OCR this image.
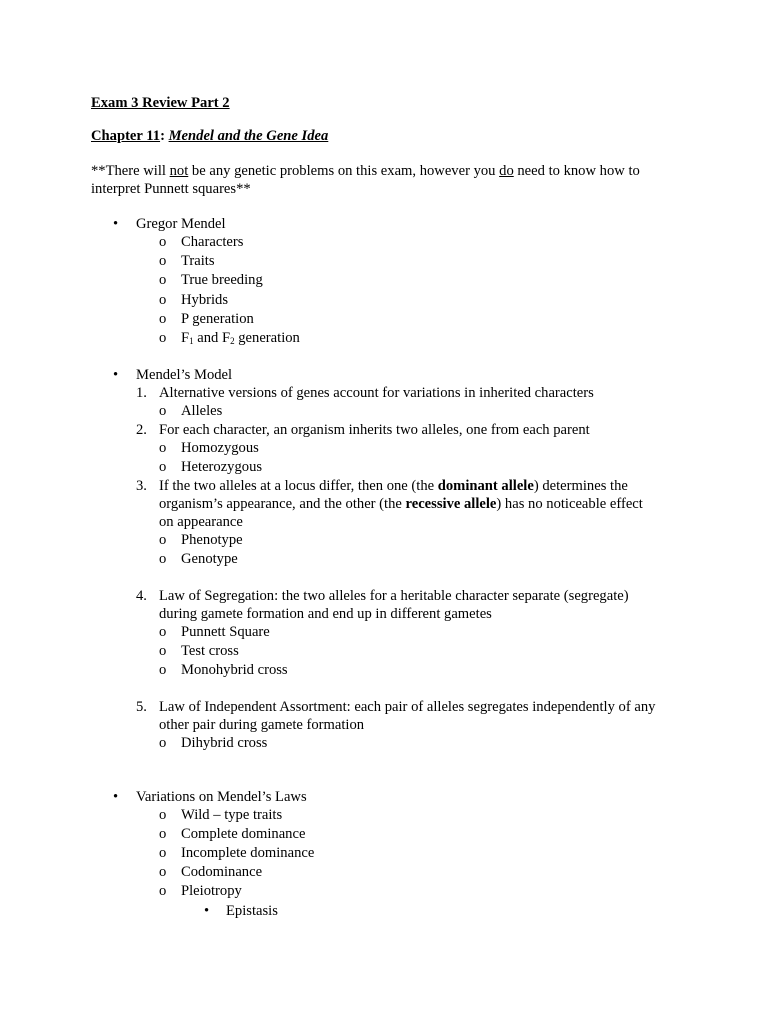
Exam 3 Review Part 2
Chapter 11: Mendel and the Gene Idea
**There will not be any genetic problems on this exam, however you do need to know how to
interpret Punnett squares**
• Gregor Mendel
o Characters
o Traits
o True breeding
o Hybrids
o P generation
o $F_1$ and $F_2$ generation
• Mendel’s Model
1. Alternative versions of genes account for variations in inherited characters
o Alleles
2. For each character, an organism inherits two alleles, one from each parent
o Homozygous
o Heterozygous
3. If the two alleles at a locus differ, then one (the dominant allele) determines the
organism’s appearance, and the other (the recessive allele) has no noticeable effect
on appearance
o Phenotype
o Genotype
4. Law of Segregation: the two alleles for a heritable character separate (segregate)
during gamete formation and end up in different gametes
o Punnett Square
o Test cross
o Monohybrid cross
5. Law of Independent Assortment: each pair of alleles segregates independently of any
other pair during gamete formation
o Dihybrid cross
• Variations on Mendel’s Laws
o Wild – type traits
o Complete dominance
o Incomplete dominance
o Codominance
o Pleiotropy
• Epistasis
